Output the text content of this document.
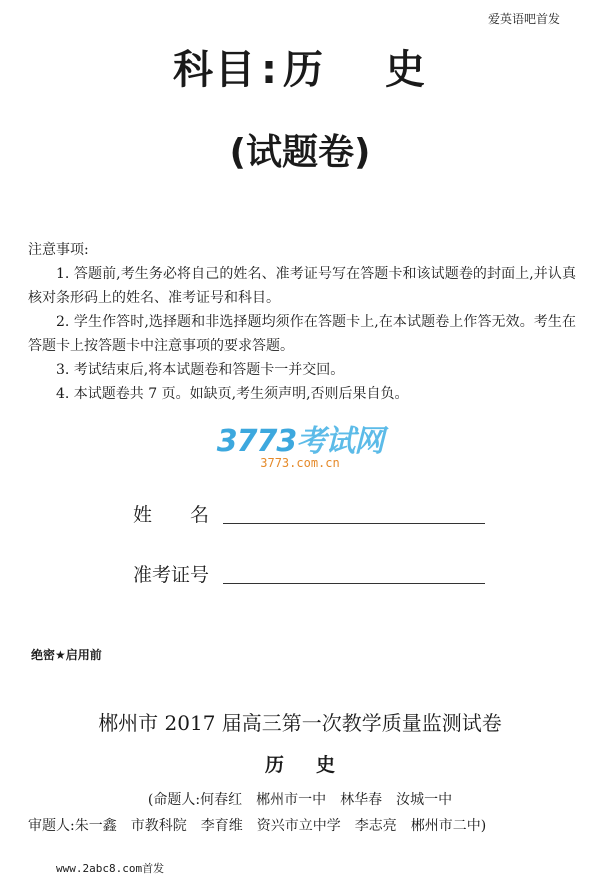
爱英语吧首发
科目 : 历 史
(试题卷)

注意事项:

1. 答题前,考生务必将自己的姓名、准考证号写在答题卡和该试题卷的封面上,并认真核对条形码上的姓名、准考证号和科目。

2. 学生作答时,选择题和非选择题均须作在答题卡上,在本试题卷上作答无效。考生在答题卡上按答题卡中注意事项的要求答题。

3. 考试结束后,将本试题卷和答题卡一并交回。

4. 本试题卷共 7 页。如缺页,考生须声明,否则后果自负。

3773考试网
3773.com.cn
姓　　名
准考证号
绝密★启用前
郴州市 2017 届高三第一次教学质量监测试卷
历 史
(命题人:何春红　郴州市一中　林华春　汝城一中
审题人:朱一鑫　市教科院　李育维　资兴市立中学　李志亮　郴州市二中)
www.2abc8.com首发
